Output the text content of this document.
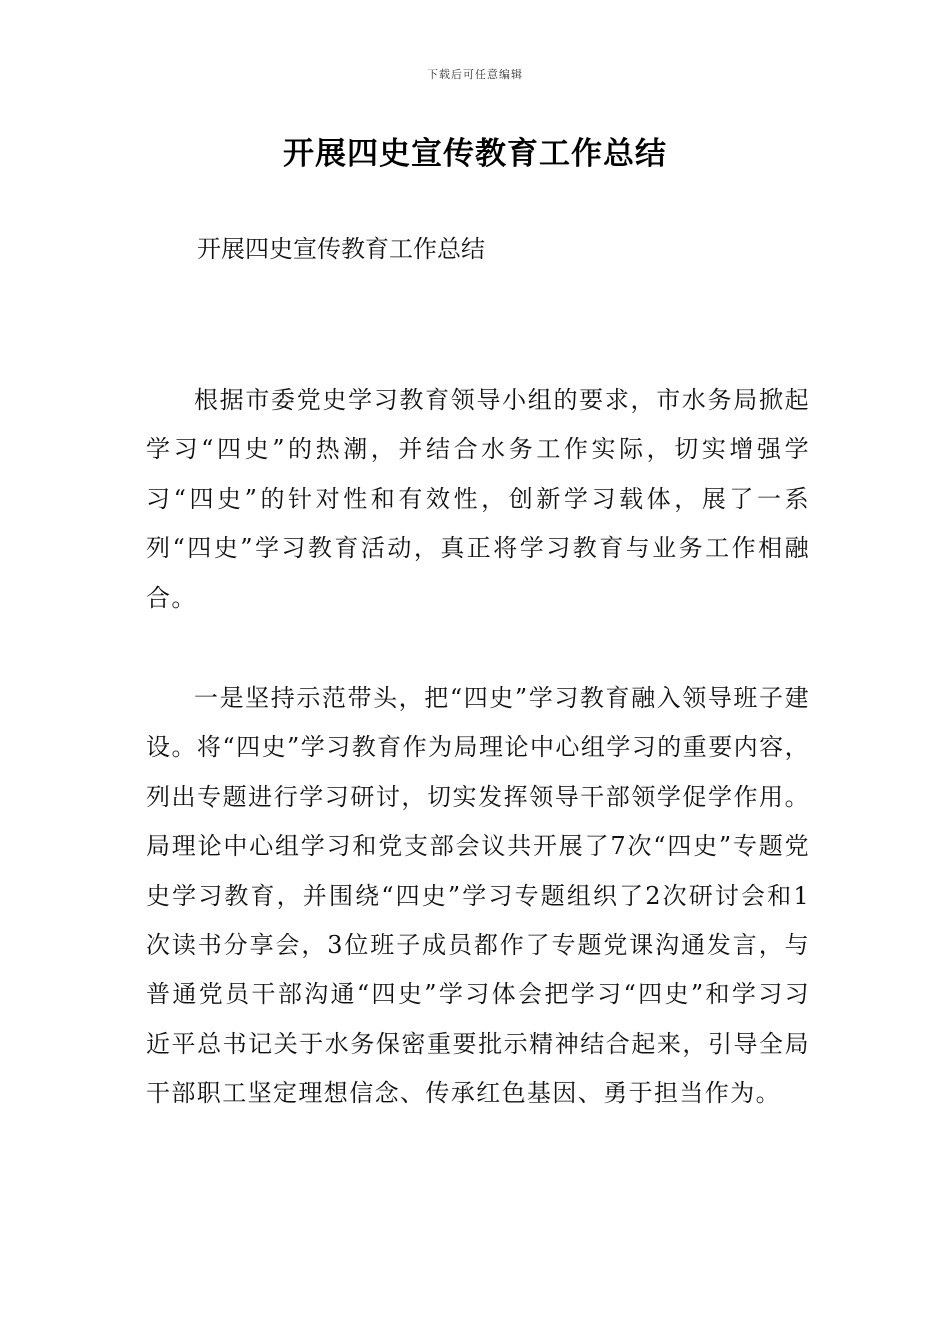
下载后可任意编辑
开展四史宣传教育工作总结

开展四史宣传教育工作总结

根据市委党史学习教育领导小组的要求，市水务局掀起学习“四史”的热潮，并结合水务工作实际，切实增强学习“四史”的针对性和有效性，创新学习载体，展了一系列“四史”学习教育活动，真正将学习教育与业务工作相融合。

一是坚持示范带头，把“四史”学习教育融入领导班子建设。将“四史”学习教育作为局理论中心组学习的重要内容，列出专题进行学习研讨，切实发挥领导干部领学促学作用。局理论中心组学习和党支部会议共开展了7次“四史”专题党史学习教育，并围绕“四史”学习专题组织了2次研讨会和1次读书分享会，3位班子成员都作了专题党课沟通发言，与普通党员干部沟通“四史”学习体会把学习“四史”和学习习近平总书记关于水务保密重要批示精神结合起来，引导全局干部职工坚定理想信念、传承红色基因、勇于担当作为。
